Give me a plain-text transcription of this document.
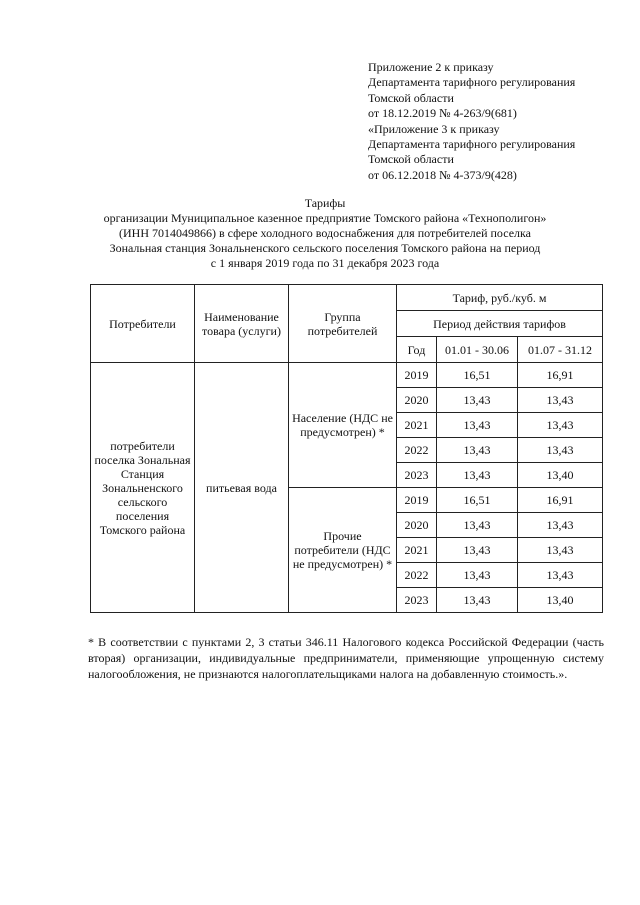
Приложение 2 к приказу
Департамента тарифного регулирования
Томской области
от 18.12.2019 № 4-263/9(681)
«Приложение 3 к приказу
Департамента тарифного регулирования
Томской области
от 06.12.2018 № 4-373/9(428)
Тарифы
организации Муниципальное казенное предприятие Томского района «Технополигон»
(ИНН 7014049866) в сфере холодного водоснабжения для потребителей поселка
Зональная станция Зональненского сельского поселения Томского района на период
с 1 января 2019 года по 31 декабря 2023 года
Потребители	Наименование товара (услуги)	Группа потребителей	Тариф, руб./куб. м		
			Период действия тарифов		
			Год	01.01 - 30.06	01.07 - 31.12
потребители поселка Зональная Станция Зональненского сельского поселения Томского района	питьевая вода	Население (НДС не предусмотрен) *	2019	16,51	16,91
			2020	13,43	13,43
			2021	13,43	13,43
			2022	13,43	13,43
			2023	13,43	13,40
		Прочие потребители (НДС не предусмотрен) *	2019	16,51	16,91
			2020	13,43	13,43
			2021	13,43	13,43
			2022	13,43	13,43
			2023	13,43	13,40
* В соответствии с пунктами 2, 3 статьи 346.11 Налогового кодекса Российской Федерации (часть вторая) организации, индивидуальные предприниматели, применяющие упрощенную систему налогообложения, не признаются налогоплательщиками налога на добавленную стоимость.».
